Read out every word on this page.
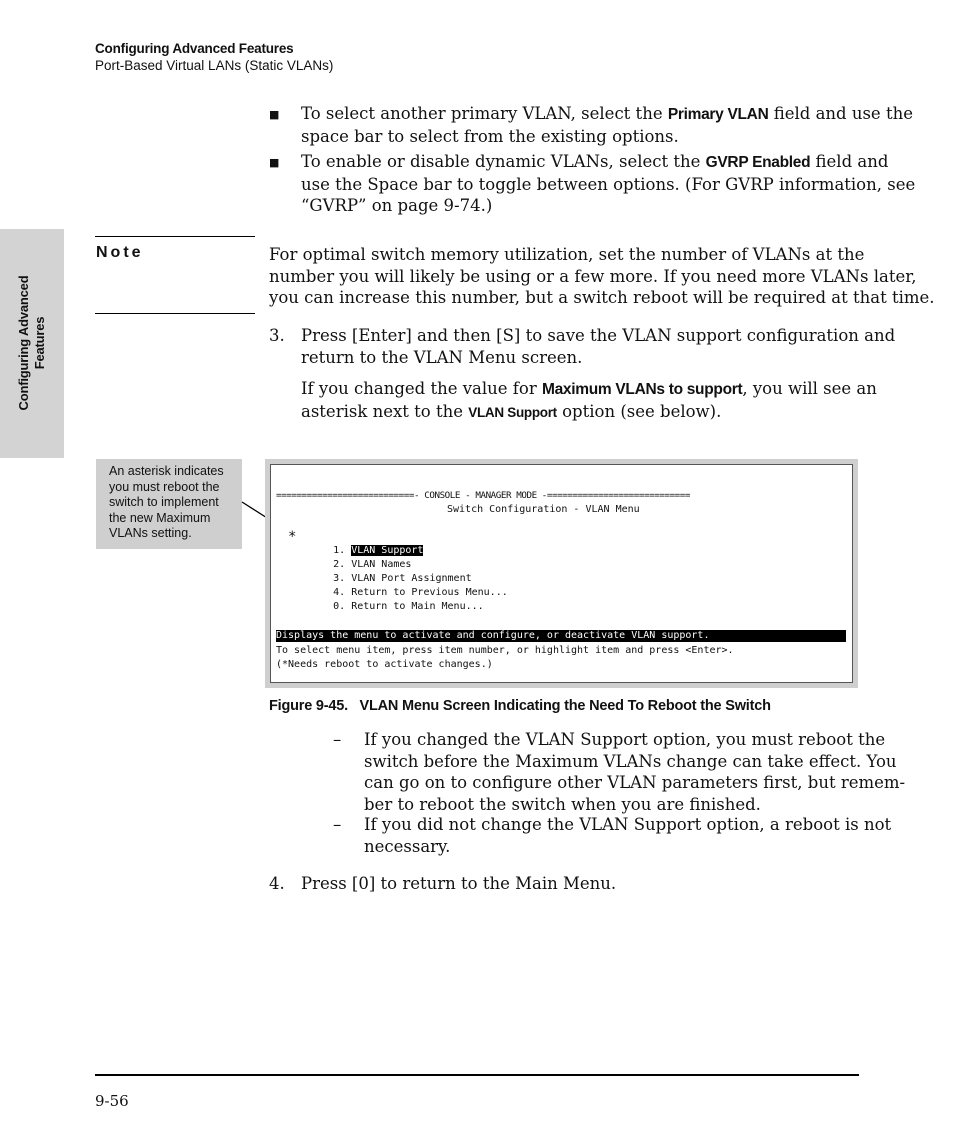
Configuring Advanced Features
Port-Based Virtual LANs (Static VLANs)
Configuring Advanced Features
■ To select another primary VLAN, select the Primary VLAN field and use the
space bar to select from the existing options.
■ To enable or disable dynamic VLANs, select the GVRP Enabled field and
use the Space bar to toggle between options. (For GVRP information, see
“GVRP” on page 9-74.)
Note	For optimal switch memory utilization, set the number of VLANs at the
number you will likely be using or a few more. If you need more VLANs later,
you can increase this number, but a switch reboot will be required at that time.
3. Press [Enter] and then [S] to save the VLAN support configuration and
return to the VLAN Menu screen.
If you changed the value for Maximum VLANs to support, you will see an
asterisk next to the VLAN Support option (see below).
An asterisk indicates
you must reboot the
switch to implement
the new Maximum
VLANs setting.
===========================- CONSOLE - MANAGER MODE -============================
Switch Configuration - VLAN Menu
*

1. VLAN Support

2. VLAN Names

3. VLAN Port Assignment

4. Return to Previous Menu...

0. Return to Main Menu...

Displays the menu to activate and configure, or deactivate VLAN support.
To select menu item, press item number, or highlight item and press <Enter>.
(*Needs reboot to activate changes.)
Figure 9-45.   VLAN Menu Screen Indicating the Need To Reboot the Switch
– If you changed the VLAN Support option, you must reboot the
switch before the Maximum VLANs change can take effect. You
can go on to configure other VLAN parameters first, but remem-
ber to reboot the switch when you are finished.
– If you did not change the VLAN Support option, a reboot is not
necessary.
4. Press [0] to return to the Main Menu.
9-56
